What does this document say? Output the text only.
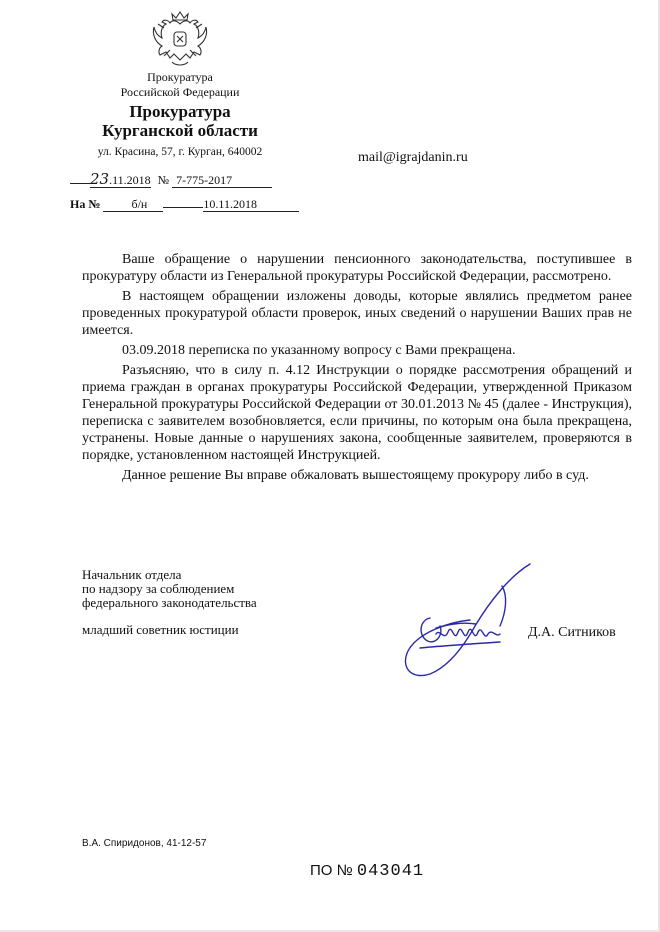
Прокуратура
Российской Федерации
Прокуратура
Курганской области
ул. Красина, 57, г. Курган, 640002	mail@igrajdanin.ru
23.11.2018 № 7-775-2017
На №	б/н	10.11.2018

Ваше обращение о нарушении пенсионного законодательства, поступившее в прокуратуру области из Генеральной прокуратуры Российской Федерации, рассмотрено.

В настоящем обращении изложены доводы, которые являлись предметом ранее проведенных прокуратурой области проверок, иных сведений о нарушении Ваших прав не имеется.

03.09.2018 переписка по указанному вопросу с Вами прекращена.

Разъясняю, что в силу п. 4.12 Инструкции о порядке рассмотрения обращений и приема граждан в органах прокуратуры Российской Федерации, утвержденной Приказом Генеральной прокуратуры Российской Федерации от 30.01.2013 № 45 (далее - Инструкция), переписка с заявителем возобновляется, если причины, по которым она была прекращена, устранены. Новые данные о нарушениях закона, сообщенные заявителем, проверяются в порядке, установленном настоящей Инструкцией.

Данное решение Вы вправе обжаловать вышестоящему прокурору либо в суд.

Начальник отдела
по надзору за соблюдением
федерального законодательства
младший советник юстиции	Д.А. Ситников
В.А. Спиридонов, 41-12-57
ПО № 043041
